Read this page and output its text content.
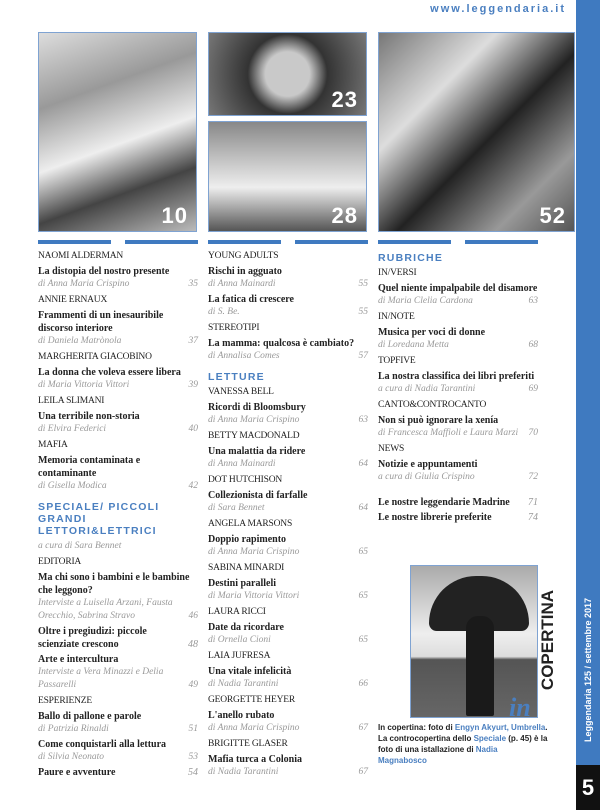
www.leggendaria.it
10
23
28	52
NAOMI ALDERMAN
La distopia del nostro presente
di Anna Maria Crispino	35
ANNIE ERNAUX
Frammenti di un inesauribile discorso interiore
di Daniela Matrònola	37
MARGHERITA GIACOBINO
La donna che voleva essere libera
di Maria Vittoria Vittori	39
LEILA SLIMANI
Una terribile non-storia
di Elvira Federici	40
MAFIA
Memoria contaminata e contaminante
di Gisella Modica	42
SPECIALE/ PICCOLI GRANDI LETTORI&LETTRICI
a cura di Sara Bennet
EDITORIA
Ma chi sono i bambini e le bambine che leggono?
Interviste a Luisella Arzani, Fausta Orecchio, Sabrina Stravo	46
Oltre i pregiudizi: piccole scienziate crescono	48
Arte e intercultura
Interviste a Vera Minazzi e Delia Passarelli	49
ESPERIENZE
Ballo di pallone e parole
di Patrizia Rinaldi	51
Come conquistarli alla lettura
di Silvia Neonato	53
Paure e avventure	54
YOUNG ADULTS
Rischi in agguato
di Anna Mainardi	55
La fatica di crescere
di S. Be.	55
STEREOTIPI
La mamma: qualcosa è cambiato?
di Annalisa Comes	57
LETTURE
VANESSA BELL
Ricordi di Bloomsbury
di Anna Maria Crispino	63
BETTY MACDONALD
Una malattia da ridere
di Anna Mainardi	64
DOT HUTCHISON
Collezionista di farfalle
di Sara Bennet	64
ANGELA MARSONS
Doppio rapimento
di Anna Maria Crispino	65
SABINA MINARDI
Destini paralleli
di Maria Vittoria Vittori	65
LAURA RICCI
Date da ricordare
di Ornella Cioni	65
LAIA JUFRESA
Una vitale infelicità
di Nadia Tarantini	66
GEORGETTE HEYER
L'anello rubato
di Anna Maria Crispino	67
BRIGITTE GLASER
Mafia turca a Colonia
di Nadia Tarantini	67
RUBRICHE
IN/VERSI
Quel niente impalpabile del disamore
di Maria Clelia Cardona	63
IN/NOTE
Musica per voci di donne
di Loredana Metta	68
TOPFIVE
La nostra classifica dei libri preferiti
a cura di Nadia Tarantini	69
CANTO&CONTROCANTO
Non si può ignorare la xenía
di Francesca Maffioli e Laura Marzi 70
NEWS
Notizie e appuntamenti
a cura di Giulia Crispino	72
Le nostre leggendarie Madrine 71
Le nostre librerie preferite	74
COPERTINA
in
In copertina: foto di Engyn Akyurt, Umbrella. La controcopertina dello Speciale (p. 45) è la foto di una istallazione di Nadia Magnabosco
Leggendaria 125 / settembre 2017
5
